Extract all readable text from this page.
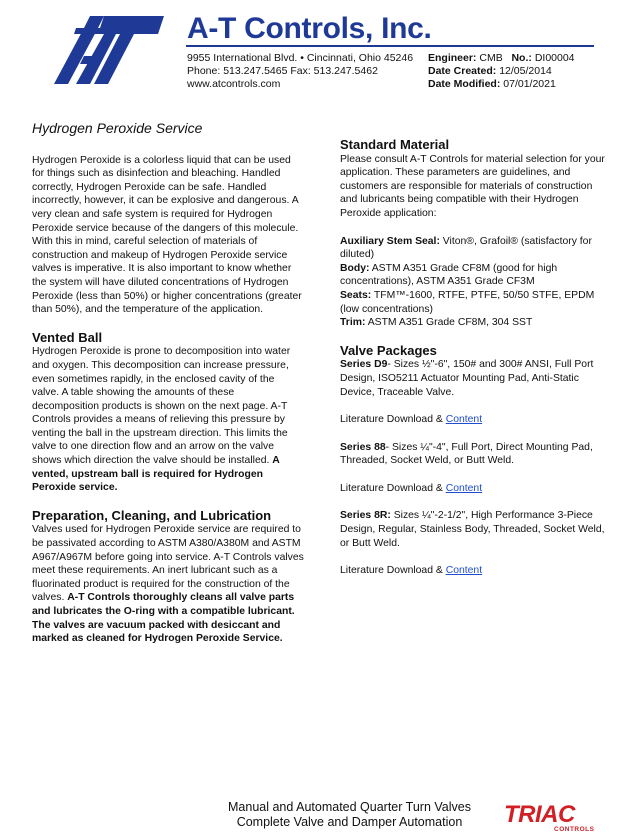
A-T Controls, Inc.
9955 International Blvd. • Cincinnati, Ohio 45246
Phone: 513.247.5465 Fax: 513.247.5462
www.atcontrols.com
Engineer: CMB No.: DI00004
Date Created: 12/05/2014
Date Modified: 07/01/2021
Hydrogen Peroxide Service

Hydrogen Peroxide is a colorless liquid that can be used for things such as disinfection and bleaching. Handled correctly, Hydrogen Peroxide can be safe. Handled incorrectly, however, it can be explosive and dangerous. A very clean and safe system is required for Hydrogen Peroxide service because of the dangers of this molecule. With this in mind, careful selection of materials of construction and makeup of Hydrogen Peroxide service valves is imperative. It is also important to know whether the system will have diluted concentrations of Hydrogen Peroxide (less than 50%) or higher concentrations (greater than 50%), and the temperature of the application.

Vented Ball

Hydrogen Peroxide is prone to decomposition into water and oxygen. This decomposition can increase pressure, even sometimes rapidly, in the enclosed cavity of the valve. A table showing the amounts of these decomposition products is shown on the next page. A-T Controls provides a means of relieving this pressure by venting the ball in the upstream direction. This limits the valve to one direction flow and an arrow on the valve shows which direction the valve should be installed. A vented, upstream ball is required for Hydrogen Peroxide service.

Preparation, Cleaning, and Lubrication

Valves used for Hydrogen Peroxide service are required to be passivated according to ASTM A380/A380M and ASTM A967/A967M before going into service. A-T Controls valves meet these requirements. An inert lubricant such as a fluorinated product is required for the construction of the valves. A-T Controls thoroughly cleans all valve parts and lubricates the O-ring with a compatible lubricant. The valves are vacuum packed with desiccant and marked as cleaned for Hydrogen Peroxide Service.

Standard Material

Please consult A-T Controls for material selection for your application. These parameters are guidelines, and customers are responsible for materials of construction and lubricants being compatible with their Hydrogen Peroxide application:

Auxiliary Stem Seal: Viton®, Grafoil® (satisfactory for diluted)

Body: ASTM A351 Grade CF8M (good for high concentrations), ASTM A351 Grade CF3M

Seats: TFM™-1600, RTFE, PTFE, 50/50 STFE, EPDM (low concentrations)

Trim: ASTM A351 Grade CF8M, 304 SST

Valve Packages

Series D9- Sizes ½"-6", 150# and 300# ANSI, Full Port Design, ISO5211 Actuator Mounting Pad, Anti-Static Device, Traceable Valve.

Literature Download & Content

Series 88- Sizes ¼"-4", Full Port, Direct Mounting Pad, Threaded, Socket Weld, or Butt Weld.

Literature Download & Content

Series 8R: Sizes ¼"-2-1/2", High Performance 3-Piece Design, Regular, Stainless Body, Threaded, Socket Weld, or Butt Weld.

Literature Download & Content

Manual and Automated Quarter Turn Valves
Complete Valve and Damper Automation	TRIAC
CONTROLS
